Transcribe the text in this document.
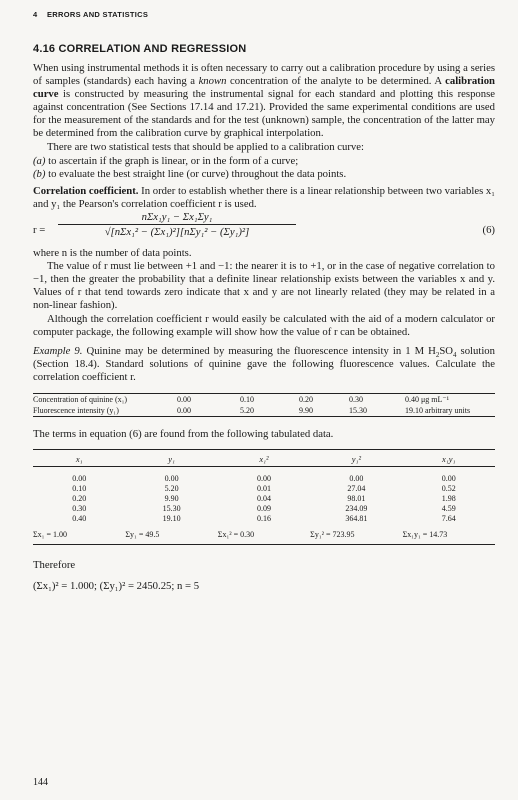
4 ERRORS AND STATISTICS
4.16 CORRELATION AND REGRESSION

When using instrumental methods it is often necessary to carry out a calibration procedure by using a series of samples (standards) each having a known concentration of the analyte to be determined. A calibration curve is constructed by measuring the instrumental signal for each standard and plotting this response against concentration (See Sections 17.14 and 17.21). Provided the same experimental conditions are used for the measurement of the standards and for the test (unknown) sample, the concentration of the latter may be determined from the calibration curve by graphical interpolation.

There are two statistical tests that should be applied to a calibration curve:

(a) to ascertain if the graph is linear, or in the form of a curve;
(b) to evaluate the best straight line (or curve) throughout the data points.

Correlation coefficient. In order to establish whether there is a linear relationship between two variables x₁ and y₁ the Pearson's correlation coefficient r is used.

r =
nΣx₁y₁ − Σx₁Σy₁
√[nΣx₁² − (Σx₁)²][nΣy₁² − (Σy₁)²]	(6)

where n is the number of data points.

The value of r must lie between +1 and −1: the nearer it is to +1, or in the case of negative correlation to −1, then the greater the probability that a definite linear relationship exists between the variables x and y. Values of r that tend towards zero indicate that x and y are not linearly related (they may be related in a non-linear fashion).

Although the correlation coefficient r would easily be calculated with the aid of a modern calculator or computer package, the following example will show how the value of r can be obtained.

Example 9. Quinine may be determined by measuring the fluorescence intensity in 1 M $H_2SO_4$ solution (Section 18.4). Standard solutions of quinine gave the following fluorescence values. Calculate the correlation coefficient r.

Concentration of quinine (x₁)	0.00	0.10	0.20	0.30	0.40 μg mL⁻¹
Fluorescence intensity (y₁)	0.00	5.20	9.90	15.30	19.10 arbitrary units

The terms in equation (6) are found from the following tabulated data.

x₁	y₁	x₁²	y₁²	x₁y₁

0.00	0.00	0.00	0.00	0.00
0.10	5.20	0.01	27.04	0.52
0.20	9.90	0.04	98.01	1.98
0.30	15.30	0.09	234.09	4.59
0.40	19.10	0.16	364.81	7.64
Σx₁ = 1.00	Σy₁ = 49.5	Σx₁² = 0.30	Σy₁² = 723.95	Σx₁y₁ = 14.73

Therefore

(Σx₁)² = 1.000; (Σy₁)² = 2450.25; n = 5

144
